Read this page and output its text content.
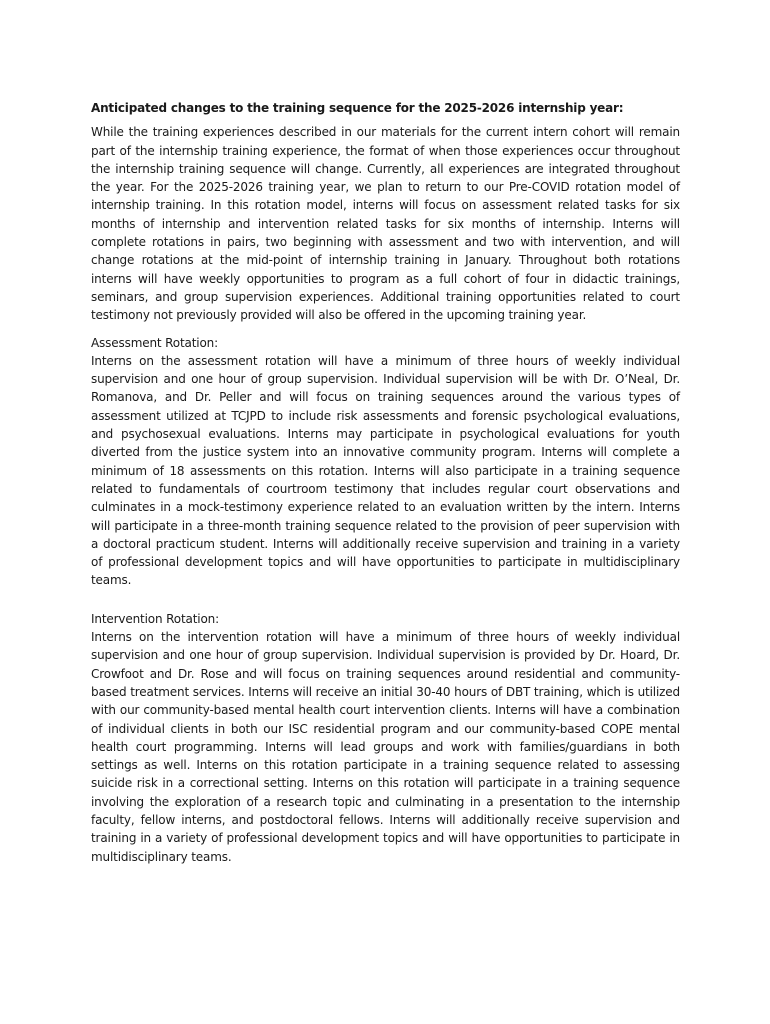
Anticipated changes to the training sequence for the 2025-2026 internship year:

While the training experiences described in our materials for the current intern cohort will remain part of the internship training experience, the format of when those experiences occur throughout the internship training sequence will change. Currently, all experiences are integrated throughout the year. For the 2025-2026 training year, we plan to return to our Pre-COVID rotation model of internship training. In this rotation model, interns will focus on assessment related tasks for six months of internship and intervention related tasks for six months of internship. Interns will complete rotations in pairs, two beginning with assessment and two with intervention, and will change rotations at the mid-point of internship training in January. Throughout both rotations interns will have weekly opportunities to program as a full cohort of four in didactic trainings, seminars, and group supervision experiences. Additional training opportunities related to court testimony not previously provided will also be offered in the upcoming training year.

Assessment Rotation:

Interns on the assessment rotation will have a minimum of three hours of weekly individual supervision and one hour of group supervision. Individual supervision will be with Dr. O’Neal, Dr. Romanova, and Dr. Peller and will focus on training sequences around the various types of assessment utilized at TCJPD to include risk assessments and forensic psychological evaluations, and psychosexual evaluations. Interns may participate in psychological evaluations for youth diverted from the justice system into an innovative community program. Interns will complete a minimum of 18 assessments on this rotation. Interns will also participate in a training sequence related to fundamentals of courtroom testimony that includes regular court observations and culminates in a mock-testimony experience related to an evaluation written by the intern. Interns will participate in a three-month training sequence related to the provision of peer supervision with a doctoral practicum student. Interns will additionally receive supervision and training in a variety of professional development topics and will have opportunities to participate in multidisciplinary teams.

Intervention Rotation:

Interns on the intervention rotation will have a minimum of three hours of weekly individual supervision and one hour of group supervision. Individual supervision is provided by Dr. Hoard, Dr. Crowfoot and Dr. Rose and will focus on training sequences around residential and community-based treatment services. Interns will receive an initial 30-40 hours of DBT training, which is utilized with our community-based mental health court intervention clients. Interns will have a combination of individual clients in both our ISC residential program and our community-based COPE mental health court programming. Interns will lead groups and work with families/guardians in both settings as well. Interns on this rotation participate in a training sequence related to assessing suicide risk in a correctional setting. Interns on this rotation will participate in a training sequence involving the exploration of a research topic and culminating in a presentation to the internship faculty, fellow interns, and postdoctoral fellows. Interns will additionally receive supervision and training in a variety of professional development topics and will have opportunities to participate in multidisciplinary teams.
